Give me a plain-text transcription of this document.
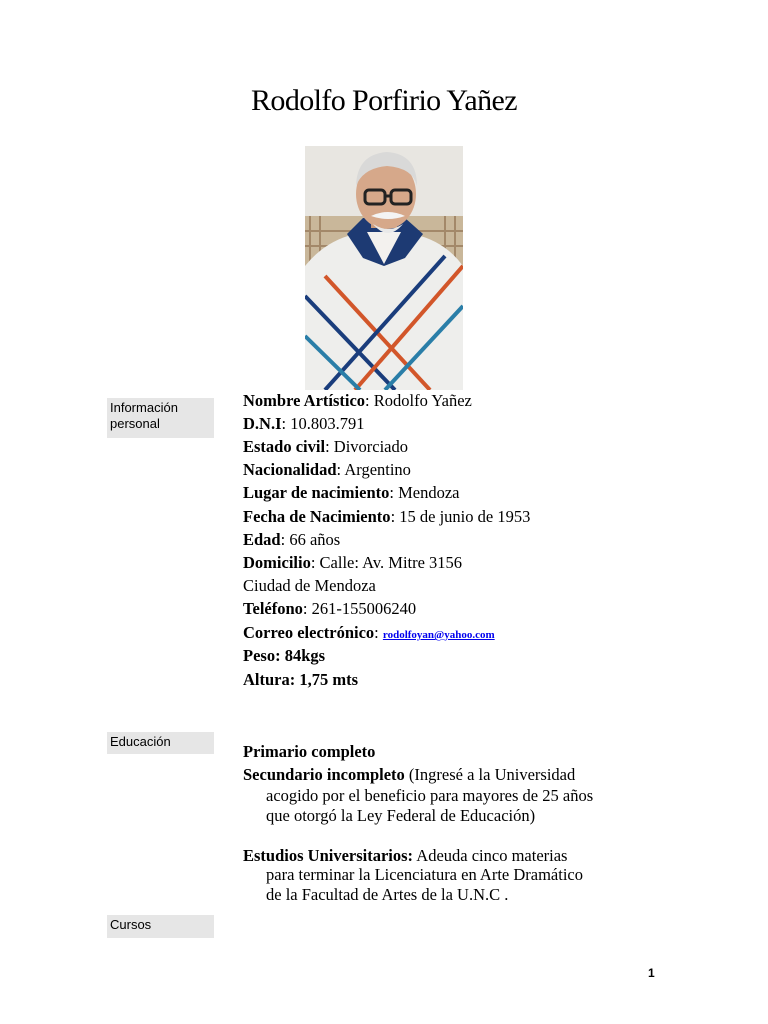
Rodolfo Porfirio Yañez
Información personal
Educación
Cursos
Nombre Artístico: Rodolfo Yañez
D.N.I: 10.803.791
Estado civil: Divorciado
Nacionalidad: Argentino
Lugar de nacimiento: Mendoza
Fecha de Nacimiento: 15 de junio de 1953
Edad: 66 años
Domicilio: Calle: Av. Mitre 3156
Ciudad de Mendoza
Teléfono: 261-155006240
Correo electrónico: rodolfoyan@yahoo.com
Peso: 84kgs
Altura: 1,75 mts
Primario completo
Secundario incompleto (Ingresé a la Universidad
acogido por el beneficio para mayores de 25 años
que otorgó la Ley Federal de Educación)
Estudios Universitarios: Adeuda cinco materias
para terminar la Licenciatura en Arte Dramático
de la Facultad de Artes de la U.N.C .
1
